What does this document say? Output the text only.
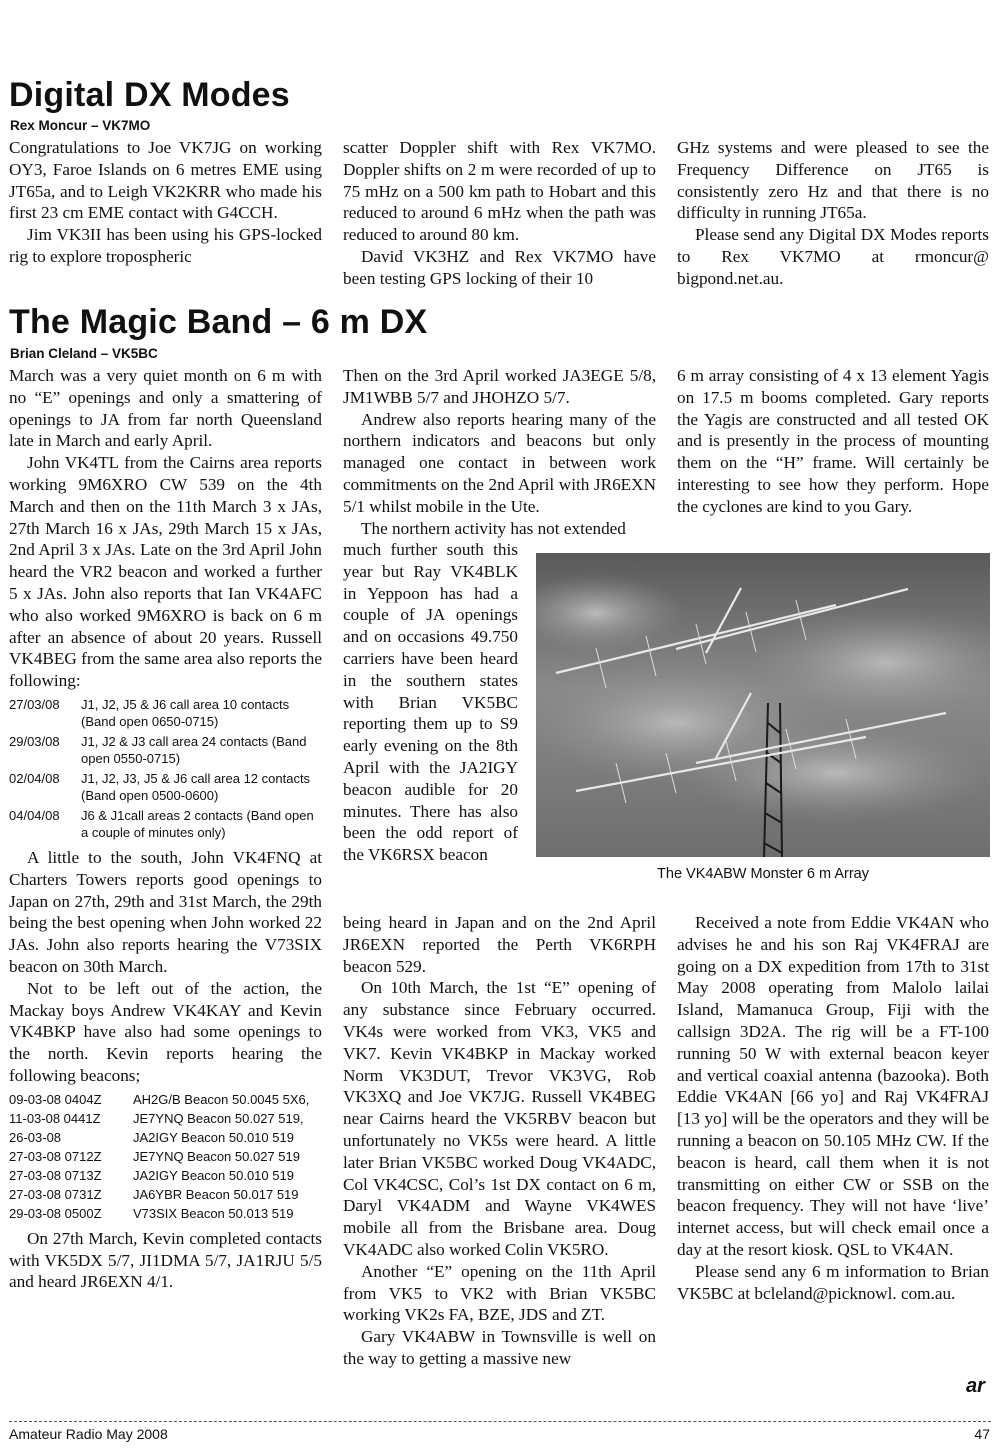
Digital DX Modes
Rex Moncur – VK7MO

Congratulations to Joe VK7JG on working OY3, Faroe Islands on 6 metres EME using JT65a, and to Leigh VK2KRR who made his first 23 cm EME contact with G4CCH.

Jim VK3II has been using his GPS-locked rig to explore tropospheric

scatter Doppler shift with Rex VK7MO. Doppler shifts on 2 m were recorded of up to 75 mHz on a 500 km path to Hobart and this reduced to around 6 mHz when the path was reduced to around 80 km.

David VK3HZ and Rex VK7MO have been testing GPS locking of their 10

GHz systems and were pleased to see the Frequency Difference on JT65 is consistently zero Hz and that there is no difficulty in running JT65a.

Please send any Digital DX Modes reports to Rex VK7MO at rmoncur@ bigpond.net.au.

The Magic Band – 6 m DX
Brian Cleland – VK5BC

March was a very quiet month on 6 m with no “E” openings and only a smattering of openings to JA from far north Queensland late in March and early April.

John VK4TL from the Cairns area reports working 9M6XRO CW 539 on the 4th March and then on the 11th March 3 x JAs, 27th March 16 x JAs, 29th March 15 x JAs, 2nd April 3 x JAs. Late on the 3rd April John heard the VR2 beacon and worked a further 5 x JAs. John also reports that Ian VK4AFC who also worked 9M6XRO is back on 6 m after an absence of about 20 years. Russell VK4BEG from the same area also reports the following:

27/03/08	J1, J2, J5 & J6 call area 10 contacts (Band open 0650-0715)
29/03/08	J1, J2 & J3 call area 24 contacts (Band open 0550-0715)
02/04/08	J1, J2, J3, J5 & J6 call area 12 contacts (Band open 0500-0600)
04/04/08	J6 & J1call areas 2 contacts (Band open a couple of minutes only)

A little to the south, John VK4FNQ at Charters Towers reports good openings to Japan on 27th, 29th and 31st March, the 29th being the best opening when John worked 22 JAs. John also reports hearing the V73SIX beacon on 30th March.

Not to be left out of the action, the Mackay boys Andrew VK4KAY and Kevin VK4BKP have also had some openings to the north. Kevin reports hearing the following beacons;

09-03-08 0404Z	AH2G/B Beacon 50.0045 5X6,
11-03-08 0441Z	JE7YNQ Beacon 50.027 519,
26-03-08	JA2IGY Beacon 50.010 519
27-03-08 0712Z	JE7YNQ Beacon 50.027 519
27-03-08 0713Z	JA2IGY Beacon 50.010 519
27-03-08 0731Z	JA6YBR Beacon 50.017 519
29-03-08 0500Z	V73SIX Beacon 50.013 519

On 27th March, Kevin completed contacts with VK5DX 5/7, JI1DMA 5/7, JA1RJU 5/5 and heard JR6EXN 4/1.

Then on the 3rd April worked JA3EGE 5/8, JM1WBB 5/7 and JHOHZO 5/7.

Andrew also reports hearing many of the northern indicators and beacons but only managed one contact in between work commitments on the 2nd April with JR6EXN 5/1 whilst mobile in the Ute.

The northern activity has not extended

much further south this year but Ray VK4BLK in Yeppoon has had a couple of JA openings and on occasions 49.750 carriers have been heard in the southern states with Brian VK5BC reporting them up to S9 early evening on the 8th April with the JA2IGY beacon audible for 20 minutes. There has also been the odd report of the VK6RSX beacon

being heard in Japan and on the 2nd April JR6EXN reported the Perth VK6RPH beacon 529.

On 10th March, the 1st “E” opening of any substance since February occurred. VK4s were worked from VK3, VK5 and VK7. Kevin VK4BKP in Mackay worked Norm VK3DUT, Trevor VK3VG, Rob VK3XQ and Joe VK7JG. Russell VK4BEG near Cairns heard the VK5RBV beacon but unfortunately no VK5s were heard. A little later Brian VK5BC worked Doug VK4ADC, Col VK4CSC, Col’s 1st DX contact on 6 m, Daryl VK4ADM and Wayne VK4WES mobile all from the Brisbane area. Doug VK4ADC also worked Colin VK5RO.

Another “E” opening on the 11th April from VK5 to VK2 with Brian VK5BC working VK2s FA, BZE, JDS and ZT.

Gary VK4ABW in Townsville is well on the way to getting a massive new

6 m array consisting of 4 x 13 element Yagis on 17.5 m booms completed. Gary reports the Yagis are constructed and all tested OK and is presently in the process of mounting them on the “H” frame. Will certainly be interesting to see how they perform. Hope the cyclones are kind to you Gary.

The VK4ABW Monster 6 m Array

Received a note from Eddie VK4AN who advises he and his son Raj VK4FRAJ are going on a DX expedition from 17th to 31st May 2008 operating from Malolo lailai Island, Mamanuca Group, Fiji with the callsign 3D2A. The rig will be a FT-100 running 50 W with external beacon keyer and vertical coaxial antenna (bazooka). Both Eddie VK4AN [66 yo] and Raj VK4FRAJ [13 yo] will be the operators and they will be running a beacon on 50.105 MHz CW. If the beacon is heard, call them when it is not transmitting on either CW or SSB on the beacon frequency. They will not have ‘live’ internet access, but will check email once a day at the resort kiosk. QSL to VK4AN.

Please send any 6 m information to Brian VK5BC at bcleland@picknowl. com.au.

ar
Amateur Radio May 2008	47
